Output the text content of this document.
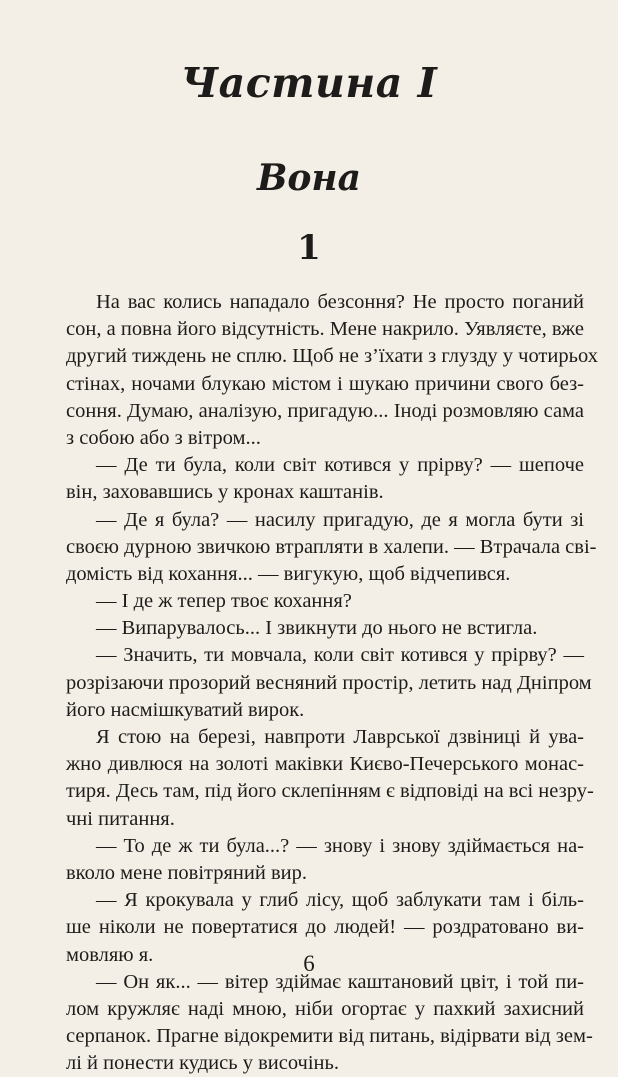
Частина І
Вона
1
На вас колись нападало безсоння? Не просто поганий
сон, а повна його відсутність. Мене накрило. Уявляєте, вже
другий тиждень не сплю. Щоб не з’їхати з глузду у чотирьох
стінах, ночами блукаю містом і шукаю причини свого без-
соння. Думаю, аналізую, пригадую... Іноді розмовляю сама
з собою або з вітром...
— Де ти була, коли світ котився у прірву? — шепоче
він, заховавшись у кронах каштанів.
— Де я була? — насилу пригадую, де я могла бути зі
своєю дурною звичкою втрапляти в халепи. — Втрачала сві-
домість від кохання... — вигукую, щоб відчепився.
— І де ж тепер твоє кохання?
— Випарувалось... І звикнути до нього не встигла.
— Значить, ти мовчала, коли світ котився у прірву? —
розрізаючи прозорий весняний простір, летить над Дніпром
його насмішкуватий вирок.
Я стою на березі, навпроти Лаврської дзвіниці й ува-
жно дивлюся на золоті маківки Києво-Печерського монас-
тиря. Десь там, під його склепінням є відповіді на всі незру-
чні питання.
— То де ж ти була...? — знову і знову здіймається на-
вколо мене повітряний вир.
— Я крокувала у глиб лісу, щоб заблукати там і біль-
ше ніколи не повертатися до людей! — роздратовано ви-
мовляю я.
— Он як... — вітер здіймає каштановий цвіт, і той пи-
лом кружляє наді мною, ніби огортає у пахкий захисний
серпанок. Прагне відокремити від питань, відірвати від зем-
лі й понести кудись у височінь.
6
